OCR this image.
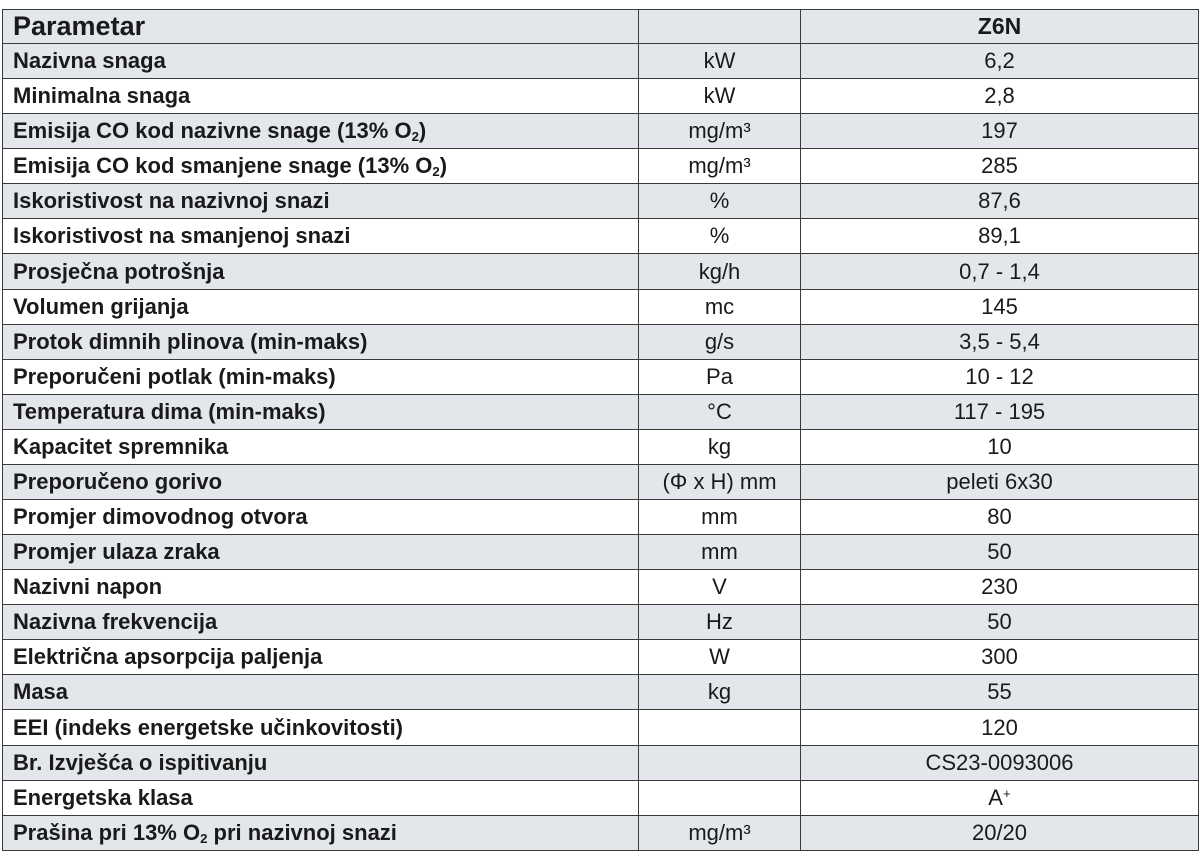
Parametar		Z6N
Nazivna snaga	kW	6,2
Minimalna snaga	kW	2,8
Emisija CO kod nazivne snage (13% $O_2$)	mg/m³	197
Emisija CO kod smanjene snage (13% $O_2$)	mg/m³	285
Iskoristivost na nazivnoj snazi	%	87,6
Iskoristivost na smanjenoj snazi	%	89,1
Prosječna potrošnja	kg/h	0,7 - 1,4
Volumen grijanja	mc	145
Protok dimnih plinova (min-maks)	g/s	3,5 - 5,4
Preporučeni potlak (min-maks)	Pa	10 - 12
Temperatura dima (min-maks)	°C	117 - 195
Kapacitet spremnika	kg	10
Preporučeno gorivo	(Φ x H) mm	peleti 6x30
Promjer dimovodnog otvora	mm	80
Promjer ulaza zraka	mm	50
Nazivni napon	V	230
Nazivna frekvencija	Hz	50
Električna apsorpcija paljenja	W	300
Masa	kg	55
EEI (indeks energetske učinkovitosti)		120
Br. Izvješća o ispitivanju		CS23-0093006
Energetska klasa		A+
Prašina pri 13% $O_2$ pri nazivnoj snazi	mg/m³	20/20
